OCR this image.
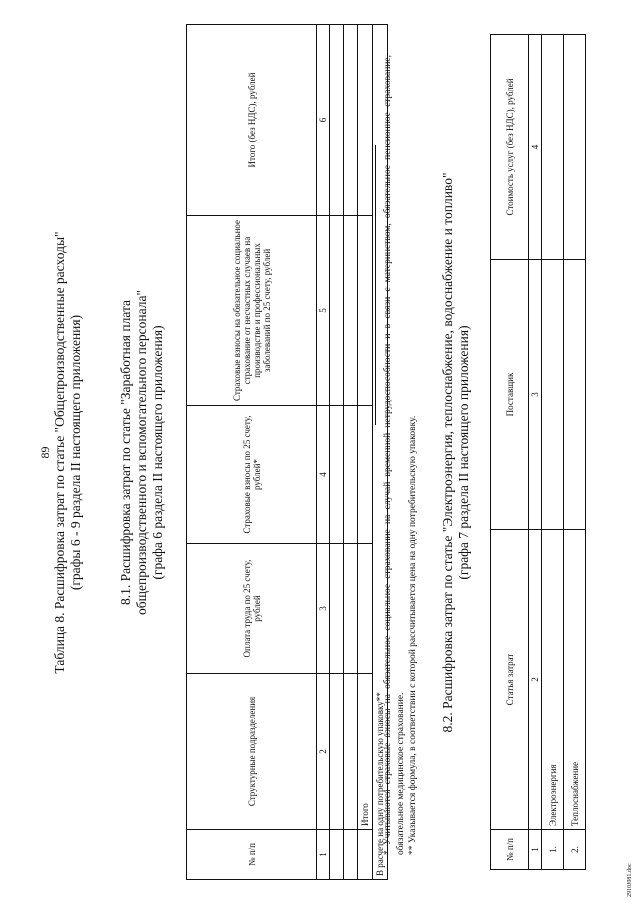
89 Таблица 8. Расшифровка затрат по статье "Общепроизводственные расходы" (графы 6 - 9 раздела II настоящего приложения)	8.1. Расшифровка затрат по статье "Заработная плата общепроизводственного и вспомогательного персонала" (графа 6 раздела II настоящего приложения)
№ п/п	Структурные подразделения	Оплата труда по 25 счету, рублей	Страховые взносы по 25 счету, рублей*	Страховые взносы на обязательное социальное страхование от несчастных случаев на производстве и профессиональных заболеваний по 25 счету, рублей	Итого (без НДС), рублей
1	2	3	4	5	6

	Итого				
В расчете на одну потребительскую упаковку**					

* Учитываются страховые взносы на обязательное социальное страхование на случай временной нетрудоспособности и в связи с материнством, обязательное пенсионное страхование, обязательное медицинское страхование. ** Указывается формула, в соответствии с которой рассчитывается цена на одну потребительскую упаковку. 8.2. Расшифровка затрат по статье "Электроэнергия, теплоснабжение, водоснабжение и топливо" (графа 7 раздела II настоящего приложения)
№ п/п	Статья затрат	Поставщик	Стоимость услуг (без НДС), рублей
1	2	3	4
1.	Электроэнергия		
2.	Теплоснабжение		
2910J081.doc
